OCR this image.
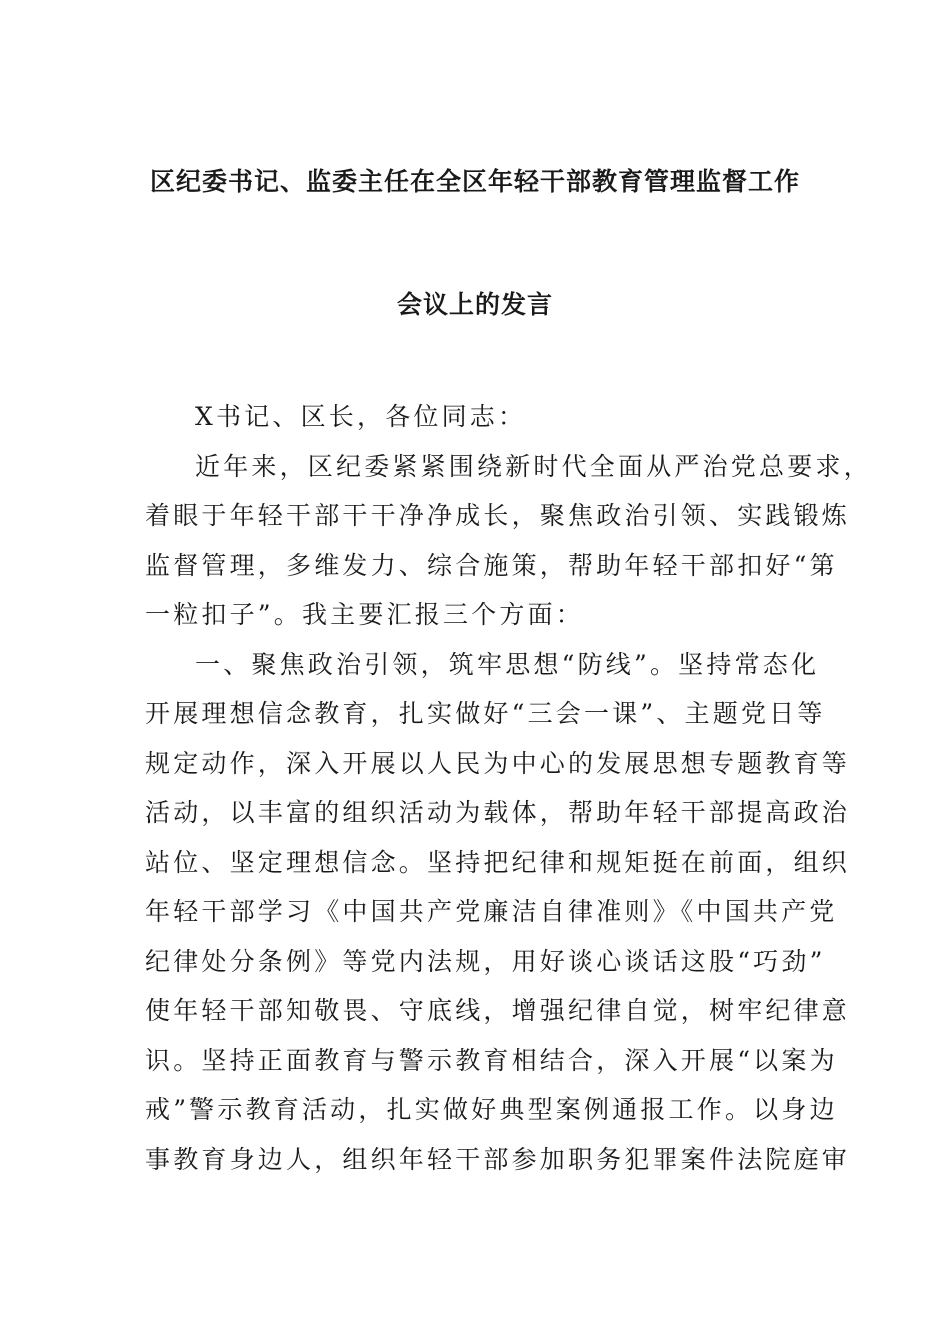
区纪委书记、监委主任在全区年轻干部教育管理监督工作
会议上的发言
X书记、区长，各位同志：
近年来，区纪委紧紧围绕新时代全面从严治党总要求，
着眼于年轻干部干干净净成长，聚焦政治引领、实践锻炼
监督管理，多维发力、综合施策，帮助年轻干部扣好“第
一粒扣子”。我主要汇报三个方面：
一、聚焦政治引领，筑牢思想“防线”。坚持常态化
开展理想信念教育，扎实做好“三会一课”、主题党日等
规定动作，深入开展以人民为中心的发展思想专题教育等
活动，以丰富的组织活动为载体，帮助年轻干部提高政治
站位、坚定理想信念。坚持把纪律和规矩挺在前面，组织
年轻干部学习《中国共产党廉洁自律准则》《中国共产党
纪律处分条例》等党内法规，用好谈心谈话这股“巧劲”
使年轻干部知敬畏、守底线，增强纪律自觉，树牢纪律意
识。坚持正面教育与警示教育相结合，深入开展“以案为
戒”警示教育活动，扎实做好典型案例通报工作。以身边
事教育身边人，组织年轻干部参加职务犯罪案件法院庭审
